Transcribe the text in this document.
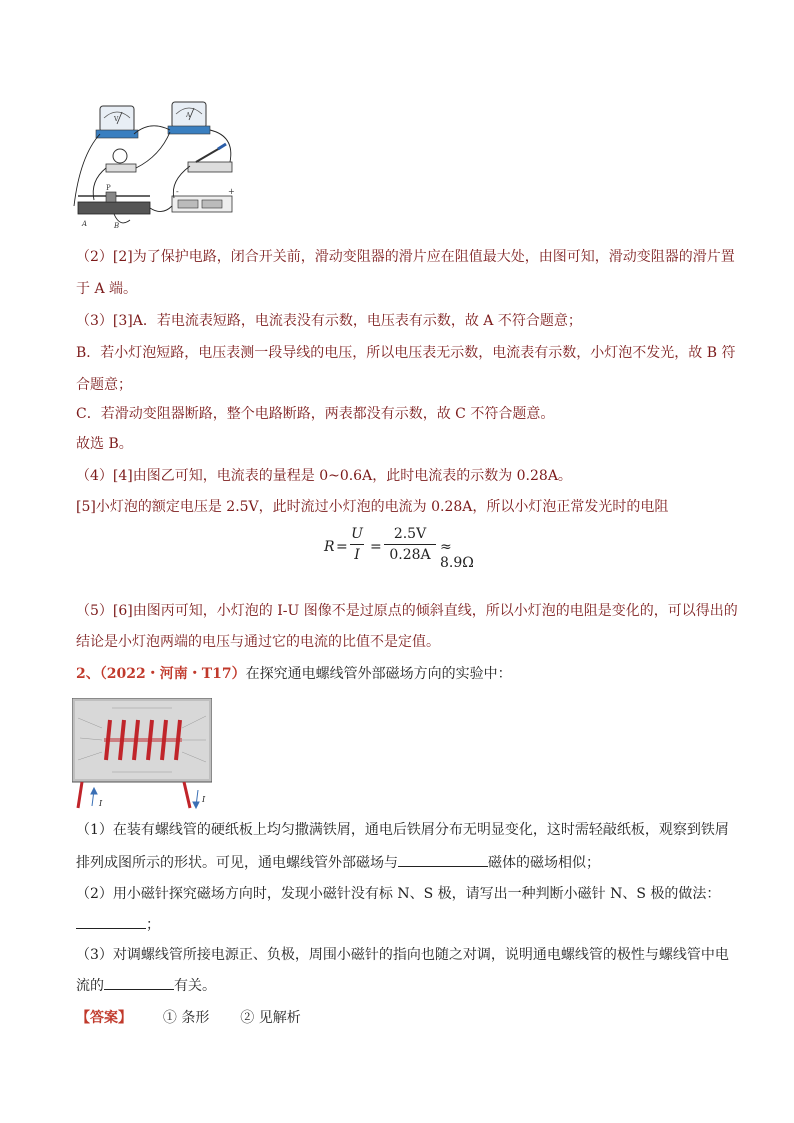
V
A
-	+
P
A	B
（2）[2]为了保护电路，闭合开关前，滑动变阻器的滑片应在阻值最大处，由图可知，滑动变阻器的滑片置
于 A 端。
（3）[3]A．若电流表短路，电流表没有示数，电压表有示数，故 A 不符合题意；
B．若小灯泡短路，电压表测一段导线的电压，所以电压表无示数，电流表有示数，小灯泡不发光，故 B 符
合题意；
C．若滑动变阻器断路，整个电路断路，两表都没有示数，故 C 不符合题意。
故选 B。
（4）[4]由图乙可知，电流表的量程是 0~0.6A，此时电流表的示数为 0.28A。
[5]小灯泡的额定电压是 2.5V，此时流过小灯泡的电流为 0.28A，所以小灯泡正常发光时的电阻
R =
U
I =
2.5V
0.28A ≈ 8.9Ω
（5）[6]由图丙可知，小灯泡的 I-U 图像不是过原点的倾斜直线，所以小灯泡的电阻是变化的，可以得出的
结论是小灯泡两端的电压与通过它的电流的比值不是定值。
2、（2022・河南・T17）在探究通电螺线管外部磁场方向的实验中：
I	I
（1）在装有螺线管的硬纸板上均匀撒满铁屑，通电后铁屑分布无明显变化，这时需轻敲纸板，观察到铁屑
排列成图所示的形状。可见，通电螺线管外部磁场与	磁体的磁场相似；
（2）用小磁针探究磁场方向时，发现小磁针没有标 N、S 极，请写出一种判断小磁针 N、S 极的做法：
；
（3）对调螺线管所接电源正、负极，周围小磁针的指向也随之对调，说明通电螺线管的极性与螺线管中电
流的	有关。
【答案】 ① 条形 ② 见解析
